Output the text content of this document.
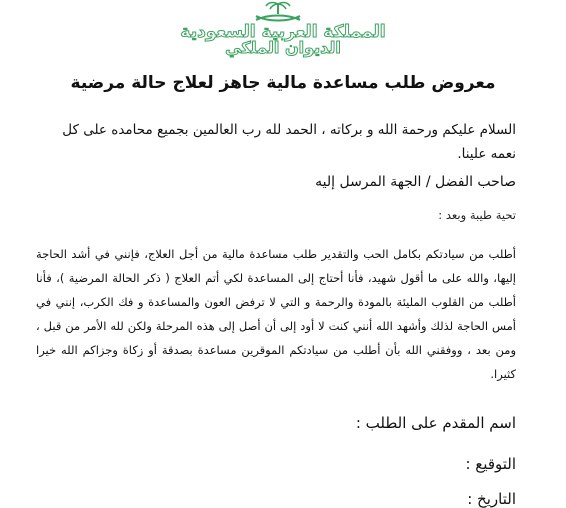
المملكة العربية السعودية
الديوان الملكي
معروض طلب مساعدة مالية جاهز لعلاج حالة مرضية
السلام عليكم ورحمة الله و بركاته ، الحمد لله رب العالمين بجميع محامده على كل نعمه علينا.
صاحب الفضل / الجهة المرسل إليه
تحية طيبة وبعد :
أطلب من سيادتكم بكامل الحب والتقدير طلب مساعدة مالية من أجل العلاج، فإنني في أشد الحاجة إليها، والله على ما أقول شهيد، فأنا أحتاج إلى المساعدة لكي أتم العلاج ( ذكر الحالة المرضية )، فأنا أطلب من القلوب المليئة بالمودة والرحمة و التي لا ترفض العون والمساعدة و فك الكرب، إنني في أمس الحاجة لذلك وأشهد الله أنني كنت لا أود إلى أن أصل إلى هذه المرحلة ولكن لله الأمر من قبل ، ومن بعد ، ووفقني الله بأن أطلب من سيادتكم الموقرين مساعدة بصدقة أو زكاة وجزاكم الله خيرا كثيرا.
اسم المقدم على الطلب :
التوقيع :
التاريخ :
